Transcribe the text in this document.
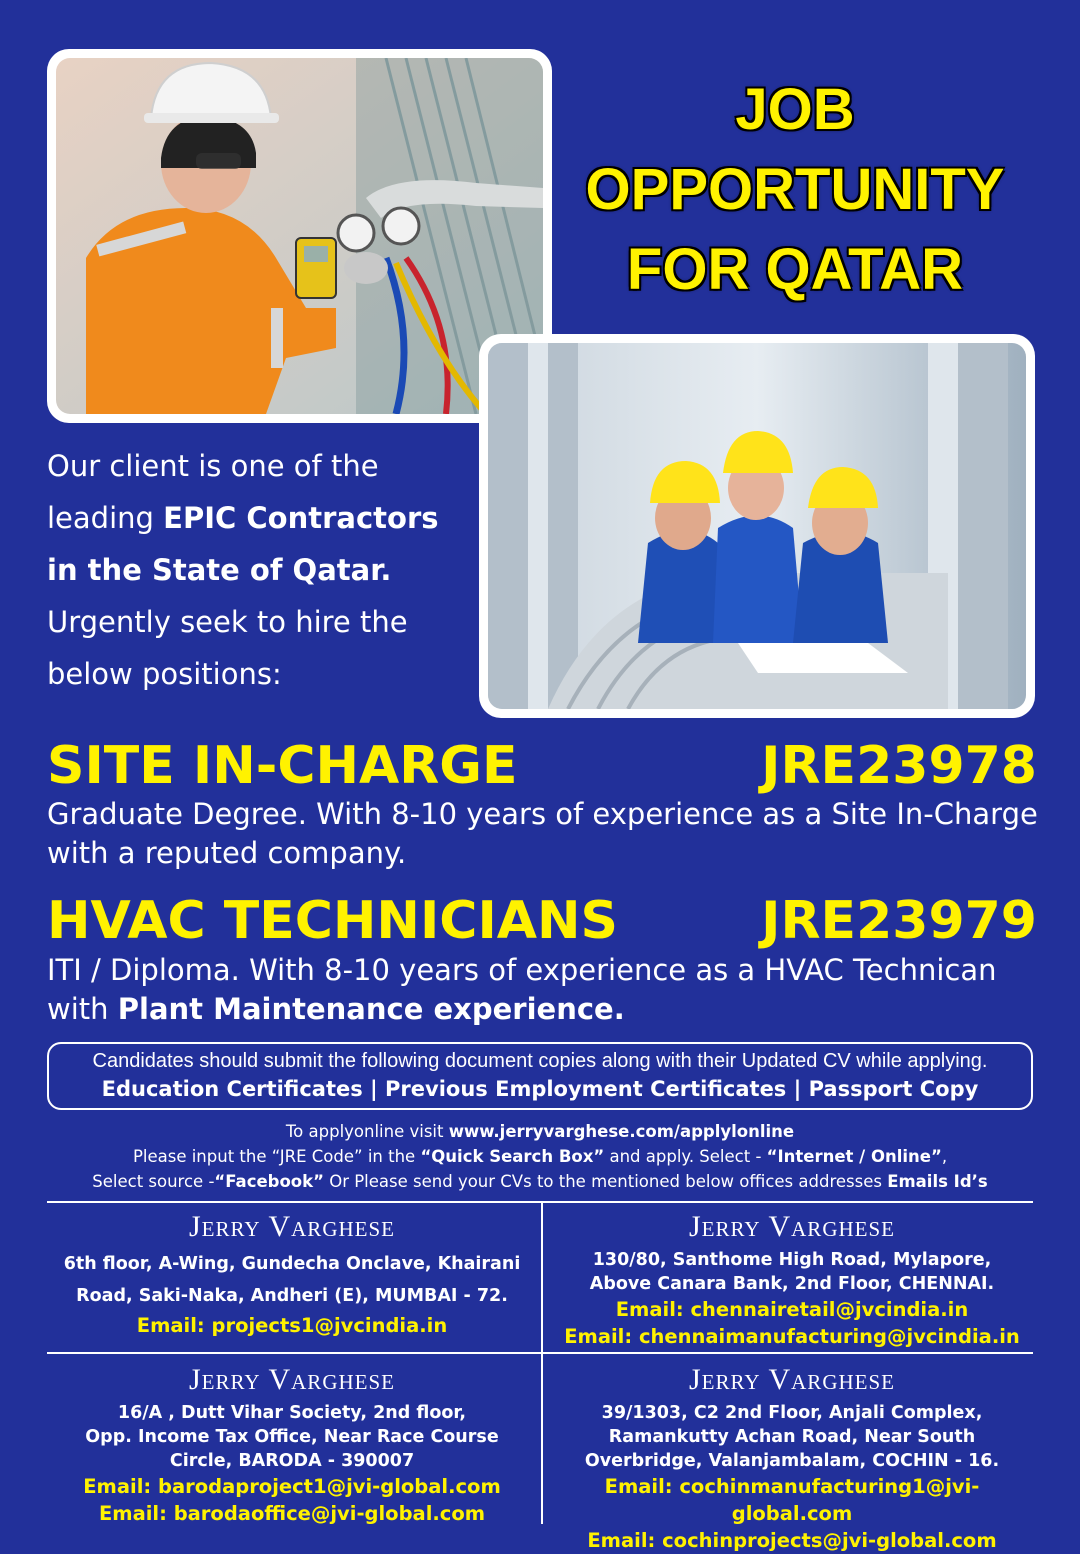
JOB
OPPORTUNITY
FOR QATAR
Our client is one of the
leading EPIC Contractors
in the State of Qatar.
Urgently seek to hire the
below positions:
SITE IN-CHARGE	JRE23978
Graduate Degree. With 8-10 years of experience as a Site In-Charge with a reputed company.
HVAC TECHNICIANS	JRE23979
ITI / Diploma. With 8-10 years of experience as a HVAC Technican with Plant Maintenance experience.
Candidates should submit the following document copies along with their Updated CV while applying.
Education Certificates | Previous Employment Certificates | Passport Copy
To applyonline visit www.jerryvarghese.com/applylonline
Please input the “JRE Code” in the “Quick Search Box” and apply. Select - “Internet / Online”,
Select source -“Facebook” Or Please send your CVs to the mentioned below offices addresses Emails Id’s
Jerry Varghese
6th floor, A-Wing, Gundecha Onclave, Khairani
Road, Saki-Naka, Andheri (E), MUMBAI - 72.
Email: projects1@jvcindia.in
Jerry Varghese
130/80, Santhome High Road, Mylapore,
Above Canara Bank, 2nd Floor, CHENNAI.
Email: chennairetail@jvcindia.in
Email: chennaimanufacturing@jvcindia.in
Jerry Varghese
16/A , Dutt Vihar Society, 2nd floor,
Opp. Income Tax Office, Near Race Course
Circle, BARODA - 390007
Email: barodaproject1@jvi-global.com
Email: barodaoffice@jvi-global.com
Jerry Varghese
39/1303, C2 2nd Floor, Anjali Complex,
Ramankutty Achan Road, Near South
Overbridge, Valanjambalam, COCHIN - 16.
Email: cochinmanufacturing1@jvi-global.com
Email: cochinprojects@jvi-global.com
